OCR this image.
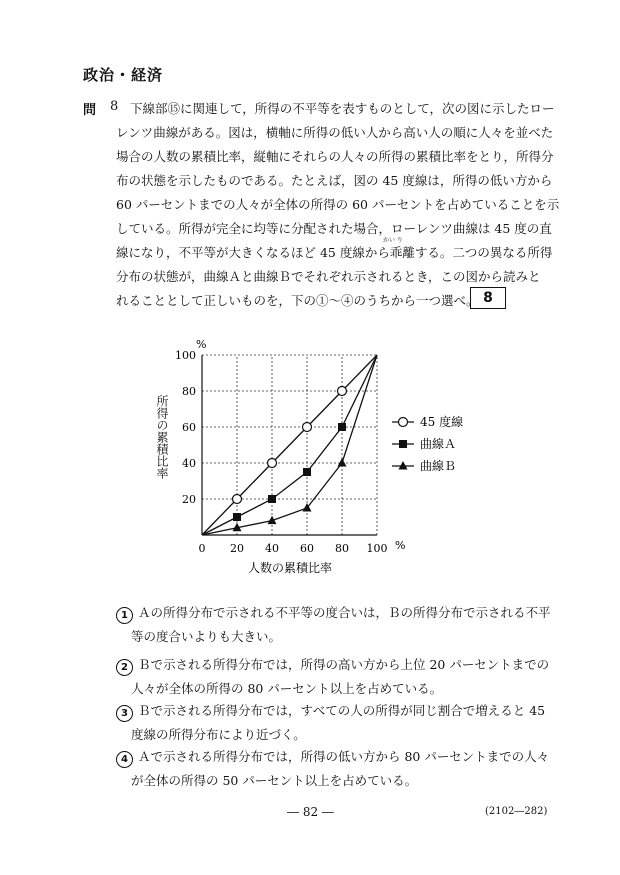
政治・経済
問 8 下線部⑮に関連して，所得の不平等を表すものとして，次の図に示したロー
レンツ曲線がある。図は，横軸に所得の低い人から高い人の順に人々を並べた
場合の人数の累積比率，縦軸にそれらの人々の所得の累積比率をとり，所得分
布の状態を示したものである。たとえば，図の 45 度線は，所得の低い方から
60 パーセントまでの人々が全体の所得の 60 パーセントを占めていることを示
している。所得が完全に均等に分配された場合，ローレンツ曲線は 45 度の直
線になり，不平等が大きくなるほど 45 度線から乖離する。二つの異なる所得
かい り
分布の状態が，曲線Ａと曲線Ｂでそれぞれ示されるとき，この図から読みと
れることとして正しいものを，下の①～④のうちから一つ選べ。 8
0 20 40 60 80 100
20
40
60
80
100
45 度線
曲線Ａ
曲線Ｂ
%
%
人数の累積比率
所得の累積比率
1 Ａの所得分布で示される不平等の度合いは，Ｂの所得分布で示される不平
等の度合いよりも大きい。
2 Ｂで示される所得分布では，所得の高い方から上位 20 パーセントまでの
人々が全体の所得の 80 パーセント以上を占めている。
3 Ｂで示される所得分布では，すべての人の所得が同じ割合で増えると 45
度線の所得分布により近づく。
4 Ａで示される所得分布では，所得の低い方から 80 パーセントまでの人々
が全体の所得の 50 パーセント以上を占めている。
― 82 ―	(2102―282)
